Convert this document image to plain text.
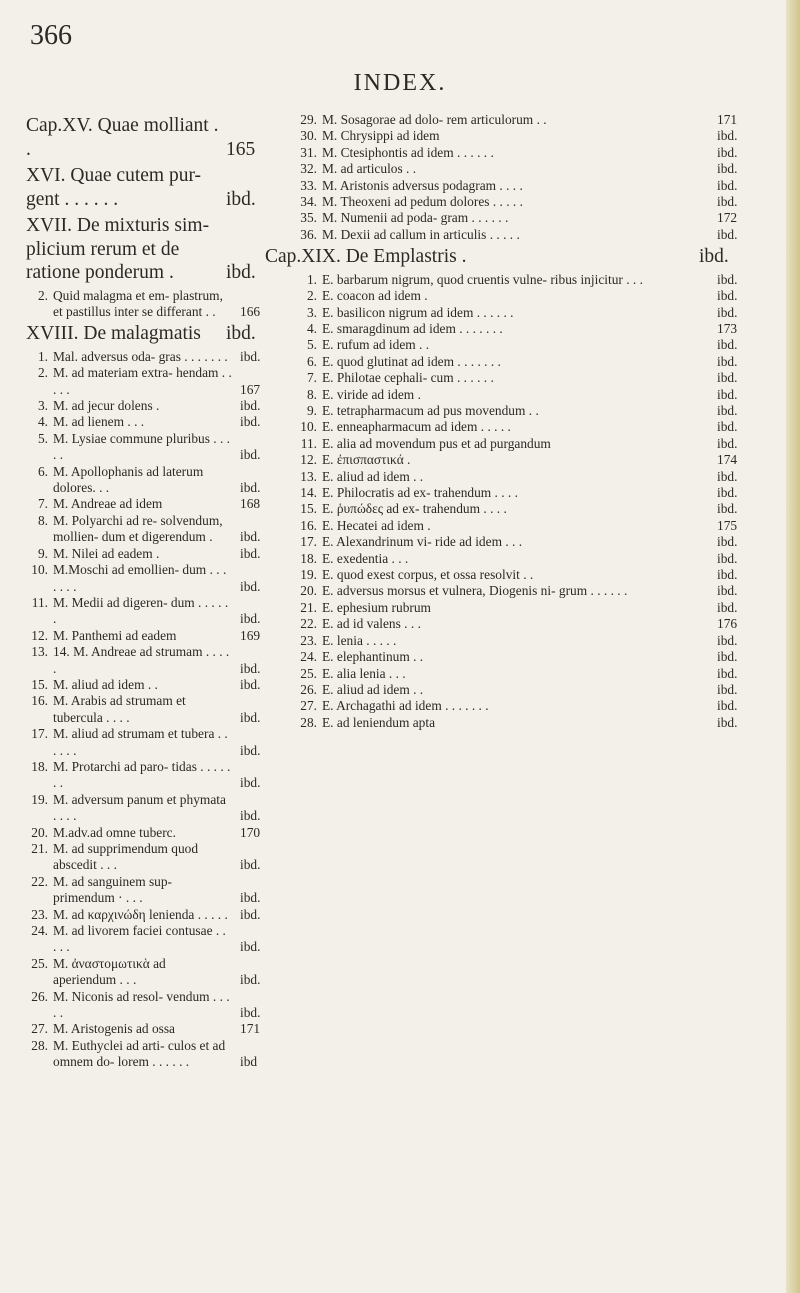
366
INDEX.
Cap.XV. Quae molliant . .	165
XVI. Quae cutem pur- gent . . . . . .	ibd.
XVII. De mixturis sim- plicium rerum et de ratione ponderum .	ibd.
2. Quid malagma et em- plastrum, et pastillus inter se differant . .	166
XVIII. De malagmatis	ibd.
1. Mal. adversus oda- gras . . . . . . . ibd.
2. M. ad materiam extra- hendam . . . . .	167
3. M. ad jecur dolens .	ibd.
4. M. ad lienem . . .	ibd.
5. M. Lysiae commune pluribus . . . . .	ibd.
6. M. Apollophanis ad laterum dolores. . .	ibd.
7. M. Andreae ad idem	168
8. M. Polyarchi ad re- solvendum, mollien- dum et digerendum .	ibd.
9. M. Nilei ad eadem .	ibd.
10. M.Moschi ad emollien- dum . . . . . . .	ibd.
11. M. Medii ad digeren- dum . . . . . .	ibd.
12. M. Panthemi ad eadem	169
13. 14. M. Andreae ad strumam . . . . .	ibd.
15. M. aliud ad idem . .	ibd.
16. M. Arabis ad strumam et tubercula . . . .	ibd.
17. M. aliud ad strumam et tubera . . . . . .	ibd.
18. M. Protarchi ad paro- tidas . . . . . . .	ibd.
19. M. adversum panum et phymata . . . .	ibd.
20. M.adv.ad omne tuberc.	170
21. M. ad supprimendum quod abscedit . . .	ibd.
22. M. ad sanguinem sup- primendum · . . .	ibd.
23. M. ad καρχινώδη lenienda . . . . . ibd.
24. M. ad livorem faciei contusae . . . . .	ibd.
25. M. ἀναστομωτικὰ ad aperiendum . . .	ibd.
26. M. Niconis ad resol- vendum . . . . .	ibd.
27. M. Aristogenis ad ossa	171
28. M. Euthyclei ad arti- culos et ad omnem do- lorem . . . . . .	ibd
29. M. Sosagorae ad dolo- rem articulorum . .	171
30. M. Chrysippi ad idem	ibd.
31. M. Ctesiphontis ad idem . . . . . .	ibd.
32. M. ad articulos . .	ibd.
33. M. Aristonis adversus podagram . . . .	ibd.
34. M. Theoxeni ad pedum dolores . . . . .	ibd.
35. M. Numenii ad poda- gram . . . . . .	172
36. M. Dexii ad callum in articulis . . . . .	ibd.
Cap.XIX. De Emplastris .	ibd.
1. E. barbarum nigrum, quod cruentis vulne- ribus injicitur . . .	ibd.
2. E. coacon ad idem .	ibd.
3. E. basilicon nigrum ad idem . . . . . .	ibd.
4. E. smaragdinum ad idem . . . . . . .	173
5. E. rufum ad idem . .	ibd.
6. E. quod glutinat ad idem . . . . . . .	ibd.
7. E. Philotae cephali- cum . . . . . .	ibd.
8. E. viride ad idem .	ibd.
9. E. tetrapharmacum ad pus movendum . .	ibd.
10. E. enneapharmacum ad idem . . . . .	ibd.
11. E. alia ad movendum pus et ad purgandum	ibd.
12. E. ἐπισπαστικά .	174
13. E. aliud ad idem . .	ibd.
14. E. Philocratis ad ex- trahendum . . . .	ibd.
15. E. ῥυπώδες ad ex- trahendum . . . .	ibd.
16. E. Hecatei ad idem .	175
17. E. Alexandrinum vi- ride ad idem . . .	ibd.
18. E. exedentia . . .	ibd.
19. E. quod exest corpus, et ossa resolvit . .	ibd.
20. E. adversus morsus et vulnera, Diogenis ni- grum . . . . . .	ibd.
21. E. ephesium rubrum	ibd.
22. E. ad id valens . . .	176
23. E. lenia . . . . .	ibd.
24. E. elephantinum . .	ibd.
25. E. alia lenia . . .	ibd.
26. E. aliud ad idem . .	ibd.
27. E. Archagathi ad idem . . . . . . .	ibd.
28. E. ad leniendum apta	ibd.
